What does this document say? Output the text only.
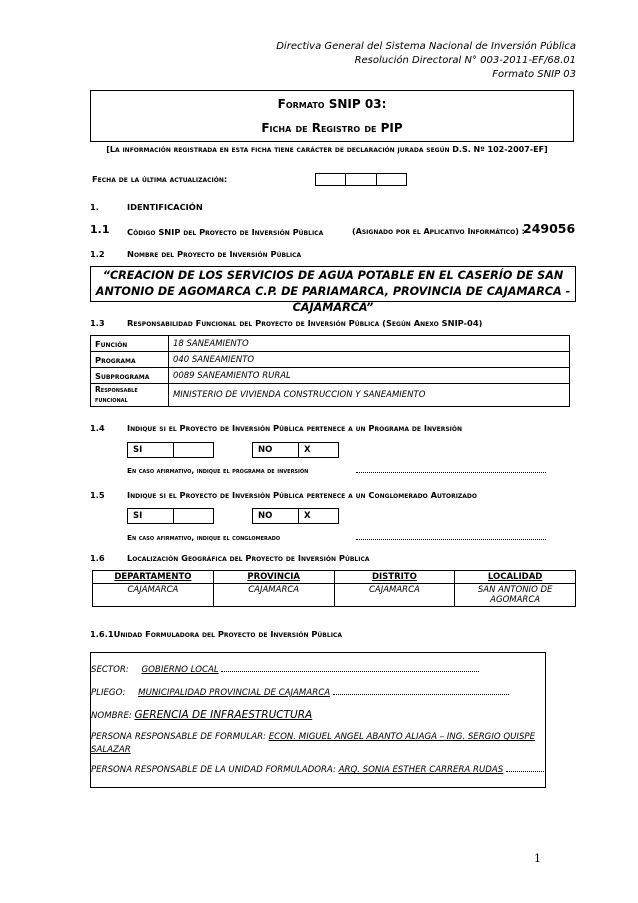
Directiva General del Sistema Nacional de Inversión Pública
Resolución Directoral N° 003-2011-EF/68.01
Formato SNIP 03
Formato SNIP 03:
Ficha de Registro de PIP
[La información registrada en esta ficha tiene carácter de declaración jurada según D.S. Nº 102-2007-EF]
Fecha de la última actualización:
1.	IDENTIFICACIÓN
1.1 Código SNIP del Proyecto de Inversión Pública	(Asignado por el Aplicativo Informático) :
249056
1.2	Nombre del Proyecto de Inversión Pública
“CREACION DE LOS SERVICIOS DE AGUA POTABLE EN EL CASERÍO DE SAN ANTONIO DE AGOMARCA C.P. DE PARIAMARCA, PROVINCIA DE CAJAMARCA - CAJAMARCA”
1.3	Responsabilidad Funcional del Proyecto de Inversión Pública (Según Anexo SNIP-04)
Función	18 SANEAMIENTO
Programa	040 SANEAMIENTO
Subprograma	0089 SANEAMIENTO RURAL
Responsable funcional	MINISTERIO DE VIVIENDA CONSTRUCCION Y SANEAMIENTO
1.4	Indique si el Proyecto de Inversión Pública pertenece a un Programa de Inversión
SI		NO	X
En caso afirmativo, indique el programa de inversión
1.5	Indique si el Proyecto de Inversión Pública pertenece a un Conglomerado Autorizado
SI		NO	X
En caso afirmativo, indique el conglomerado
1.6	Localización Geográfica del Proyecto de Inversión Pública
DEPARTAMENTO	PROVINCIA	DISTRITO	LOCALIDAD
CAJAMARCA	CAJAMARCA	CAJAMARCA	SAN ANTONIO DE AGOMARCA
1.6.1Unidad Formuladora del Proyecto de Inversión Pública
SECTOR: GOBIERNO LOCAL
PLIEGO: MUNICIPALIDAD PROVINCIAL DE CAJAMARCA
NOMBRE: GERENCIA DE INFRAESTRUCTURA
PERSONA RESPONSABLE DE FORMULAR: ECON. MIGUEL ANGEL ABANTO ALIAGA – ING. SERGIO QUISPE SALAZAR
PERSONA RESPONSABLE DE LA UNIDAD FORMULADORA: ARQ. SONIA ESTHER CARRERA RUDAS
1
